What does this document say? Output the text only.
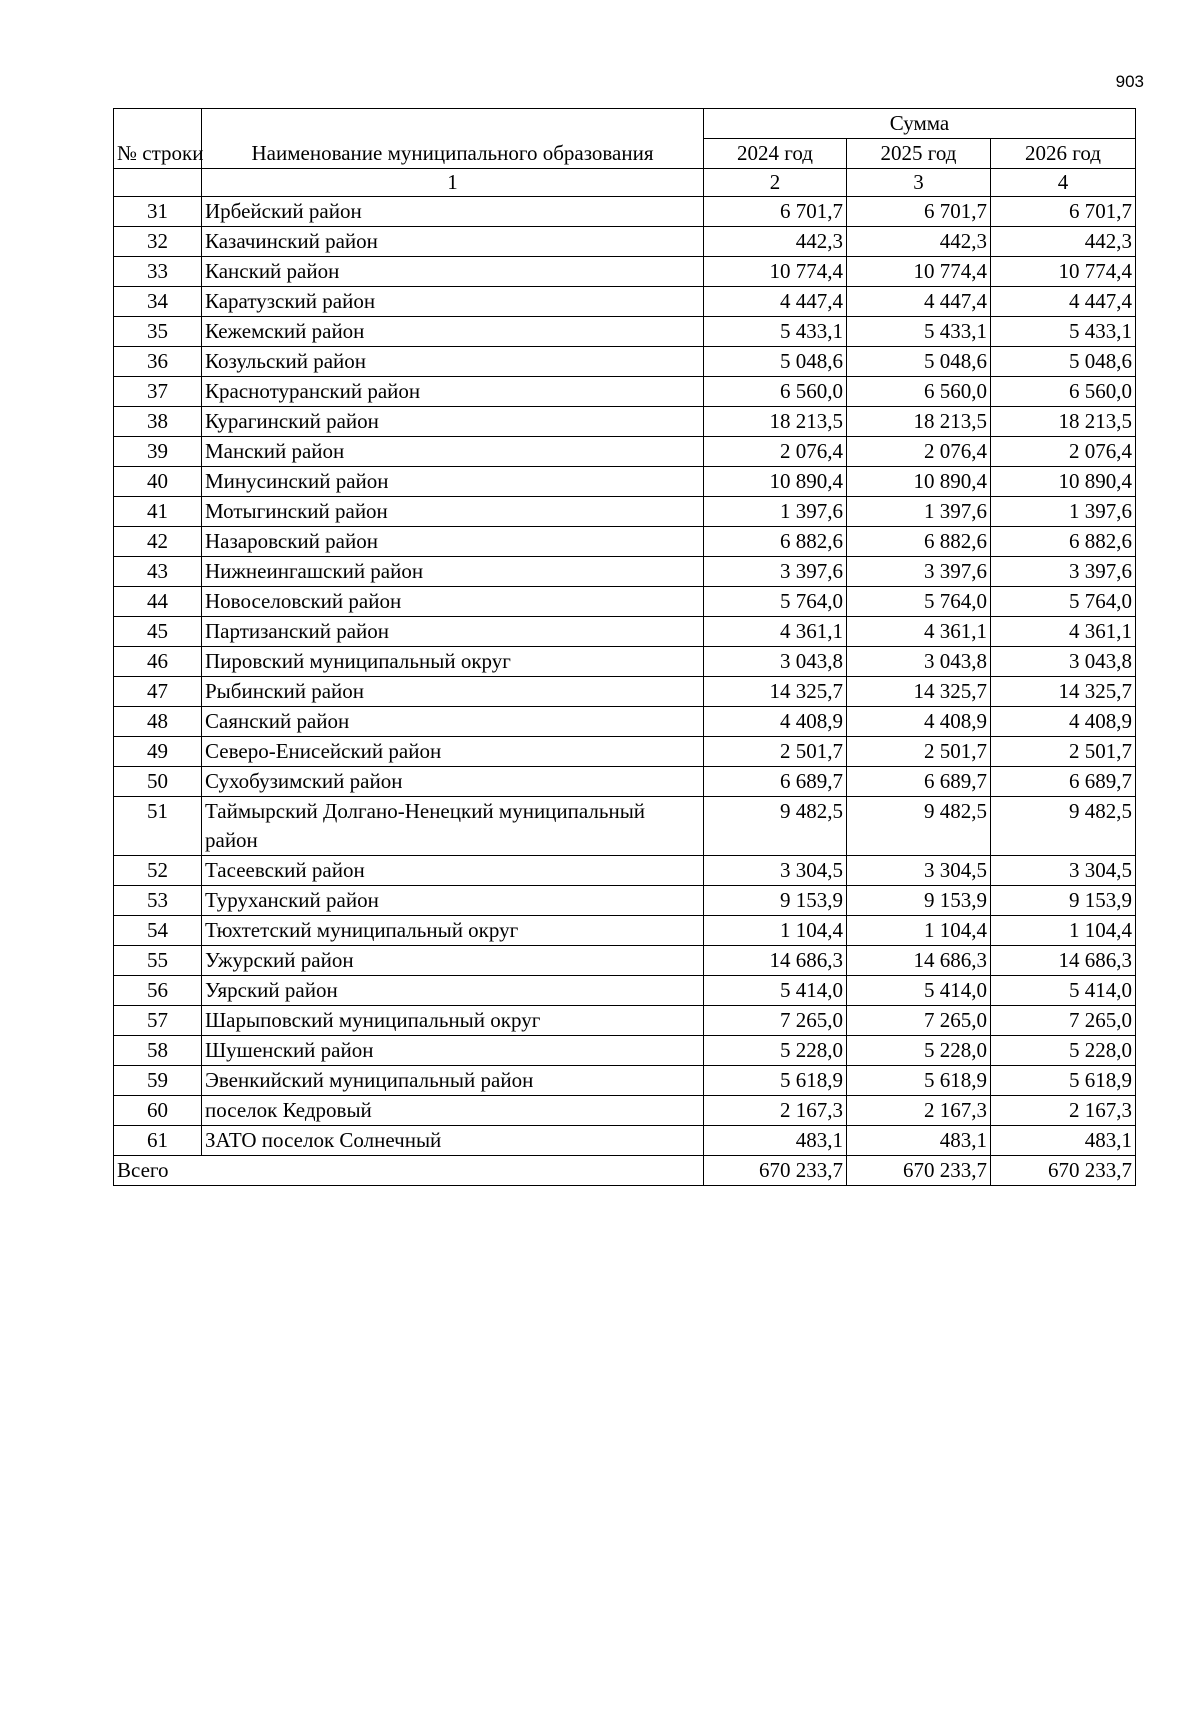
903
№ строки	Наименование муниципального образования	Сумма		
		2024 год	2025 год	2026 год
	1	2	3	4
31	Ирбейский район	6 701,7	6 701,7	6 701,7
32	Казачинский район	442,3	442,3	442,3
33	Канский район	10 774,4	10 774,4	10 774,4
34	Каратузский район	4 447,4	4 447,4	4 447,4
35	Кежемский район	5 433,1	5 433,1	5 433,1
36	Козульский район	5 048,6	5 048,6	5 048,6
37	Краснотуранский район	6 560,0	6 560,0	6 560,0
38	Курагинский район	18 213,5	18 213,5	18 213,5
39	Манский район	2 076,4	2 076,4	2 076,4
40	Минусинский район	10 890,4	10 890,4	10 890,4
41	Мотыгинский район	1 397,6	1 397,6	1 397,6
42	Назаровский район	6 882,6	6 882,6	6 882,6
43	Нижнеингашский район	3 397,6	3 397,6	3 397,6
44	Новоселовский район	5 764,0	5 764,0	5 764,0
45	Партизанский район	4 361,1	4 361,1	4 361,1
46	Пировский муниципальный округ	3 043,8	3 043,8	3 043,8
47	Рыбинский район	14 325,7	14 325,7	14 325,7
48	Саянский район	4 408,9	4 408,9	4 408,9
49	Северо-Енисейский район	2 501,7	2 501,7	2 501,7
50	Сухобузимский район	6 689,7	6 689,7	6 689,7
51	Таймырский Долгано-Ненецкий муниципальный район	9 482,5	9 482,5	9 482,5
52	Тасеевский район	3 304,5	3 304,5	3 304,5
53	Туруханский район	9 153,9	9 153,9	9 153,9
54	Тюхтетский муниципальный округ	1 104,4	1 104,4	1 104,4
55	Ужурский район	14 686,3	14 686,3	14 686,3
56	Уярский район	5 414,0	5 414,0	5 414,0
57	Шарыповский муниципальный округ	7 265,0	7 265,0	7 265,0
58	Шушенский район	5 228,0	5 228,0	5 228,0
59	Эвенкийский муниципальный район	5 618,9	5 618,9	5 618,9
60	поселок Кедровый	2 167,3	2 167,3	2 167,3
61	ЗАТО поселок Солнечный	483,1	483,1	483,1
Всего		670 233,7	670 233,7	670 233,7
